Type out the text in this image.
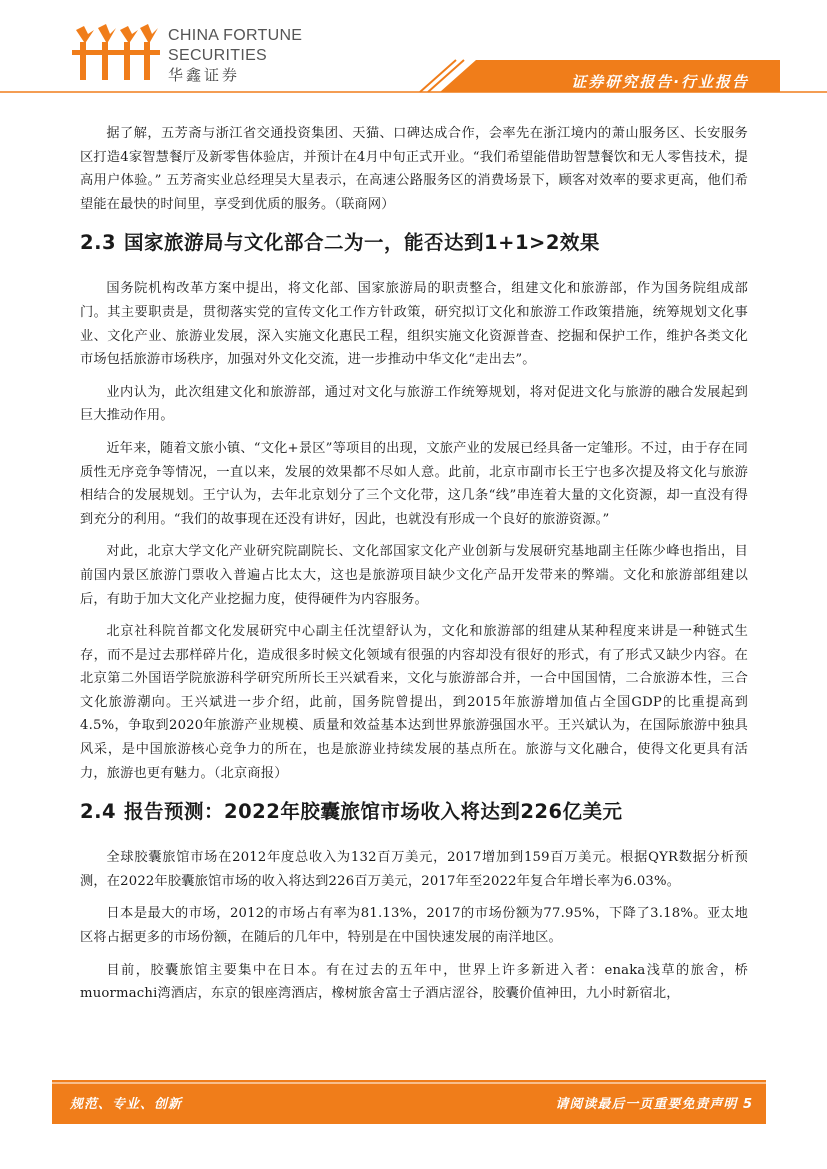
CHINA FORTUNE
SECURITIES
华鑫证券	证券研究报告·行业报告

据了解，五芳斋与浙江省交通投资集团、天猫、口碑达成合作，会率先在浙江境内的萧山服务区、长安服务区打造4家智慧餐厅及新零售体验店，并预计在4月中旬正式开业。“我们希望能借助智慧餐饮和无人零售技术，提高用户体验。” 五芳斋实业总经理吴大星表示，在高速公路服务区的消费场景下，顾客对效率的要求更高，他们希望能在最快的时间里，享受到优质的服务。（联商网）

2.3 国家旅游局与文化部合二为一，能否达到1+1>2效果

国务院机构改革方案中提出，将文化部、国家旅游局的职责整合，组建文化和旅游部，作为国务院组成部门。其主要职责是，贯彻落实党的宣传文化工作方针政策，研究拟订文化和旅游工作政策措施，统筹规划文化事业、文化产业、旅游业发展，深入实施文化惠民工程，组织实施文化资源普查、挖掘和保护工作，维护各类文化市场包括旅游市场秩序，加强对外文化交流，进一步推动中华文化“走出去”。

业内认为，此次组建文化和旅游部，通过对文化与旅游工作统筹规划，将对促进文化与旅游的融合发展起到巨大推动作用。

近年来，随着文旅小镇、“文化+景区”等项目的出现，文旅产业的发展已经具备一定雏形。不过，由于存在同质性无序竞争等情况，一直以来，发展的效果都不尽如人意。此前，北京市副市长王宁也多次提及将文化与旅游相结合的发展规划。王宁认为，去年北京划分了三个文化带，这几条“线”串连着大量的文化资源，却一直没有得到充分的利用。“我们的故事现在还没有讲好，因此，也就没有形成一个良好的旅游资源。”

对此，北京大学文化产业研究院副院长、文化部国家文化产业创新与发展研究基地副主任陈少峰也指出，目前国内景区旅游门票收入普遍占比太大，这也是旅游项目缺少文化产品开发带来的弊端。文化和旅游部组建以后，有助于加大文化产业挖掘力度，使得硬件为内容服务。

北京社科院首都文化发展研究中心副主任沈望舒认为，文化和旅游部的组建从某种程度来讲是一种链式生存，而不是过去那样碎片化，造成很多时候文化领域有很强的内容却没有很好的形式，有了形式又缺少内容。在北京第二外国语学院旅游科学研究所所长王兴斌看来，文化与旅游部合并，一合中国国情，二合旅游本性，三合文化旅游潮向。王兴斌进一步介绍，此前，国务院曾提出，到2015年旅游增加值占全国GDP的比重提高到4.5%，争取到2020年旅游产业规模、质量和效益基本达到世界旅游强国水平。王兴斌认为，在国际旅游中独具风采，是中国旅游核心竞争力的所在，也是旅游业持续发展的基点所在。旅游与文化融合，使得文化更具有活力，旅游也更有魅力。（北京商报）

2.4 报告预测：2022年胶囊旅馆市场收入将达到226亿美元

全球胶囊旅馆市场在2012年度总收入为132百万美元，2017增加到159百万美元。根据QYR数据分析预测，在2022年胶囊旅馆市场的收入将达到226百万美元，2017年至2022年复合年增长率为6.03%。

日本是最大的市场，2012的市场占有率为81.13%，2017的市场份额为77.95%，下降了3.18%。亚太地区将占据更多的市场份额，在随后的几年中，特别是在中国快速发展的南洋地区。

目前，胶囊旅馆主要集中在日本。有在过去的五年中，世界上许多新进入者：enaka浅草的旅舍，桥muormachi湾酒店，东京的银座湾酒店，橡树旅舍富士子酒店涩谷，胶囊价值神田，九小时新宿北，

规范、专业、创新	请阅读最后一页重要免责声明 5
